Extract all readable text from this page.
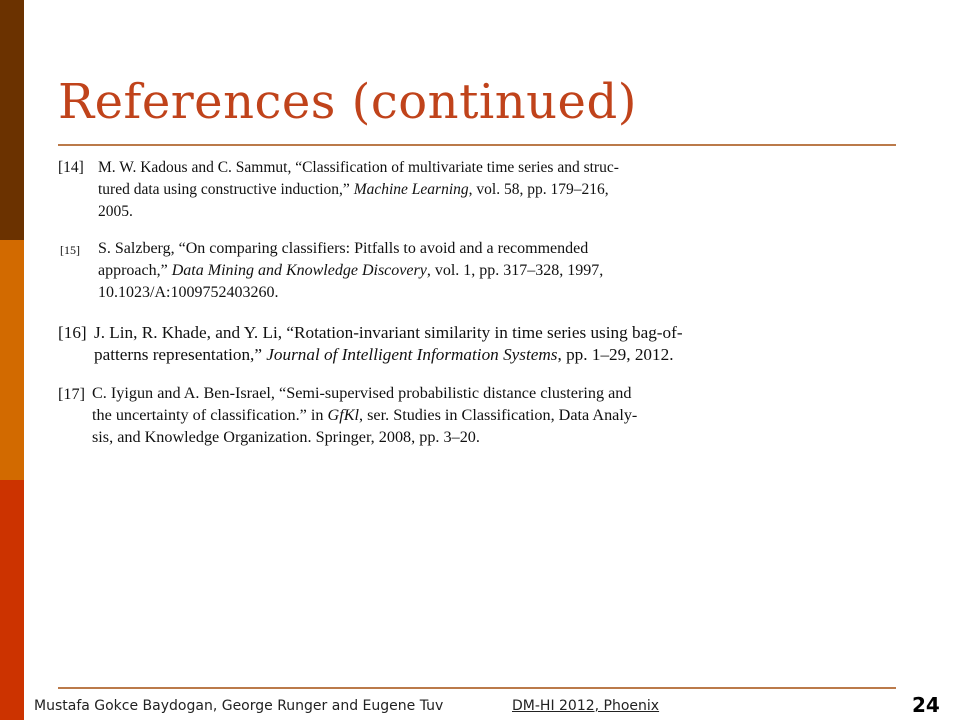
References (continued)
[14] M. W. Kadous and C. Sammut, “Classification of multivariate time series and struc-
tured data using constructive induction,” Machine Learning, vol. 58, pp. 179–216,
2005.
[15] S. Salzberg, “On comparing classifiers: Pitfalls to avoid and a recommended
approach,” Data Mining and Knowledge Discovery, vol. 1, pp. 317–328, 1997,
10.1023/A:1009752403260.
[16] J. Lin, R. Khade, and Y. Li, “Rotation-invariant similarity in time series using bag-of-
patterns representation,” Journal of Intelligent Information Systems, pp. 1–29, 2012.
[17] C. Iyigun and A. Ben-Israel, “Semi-supervised probabilistic distance clustering and
the uncertainty of classification.” in GfKl, ser. Studies in Classification, Data Analy-
sis, and Knowledge Organization. Springer, 2008, pp. 3–20.
Mustafa Gokce Baydogan, George Runger and Eugene Tuv	DM-HI 2012, Phoenix	24
